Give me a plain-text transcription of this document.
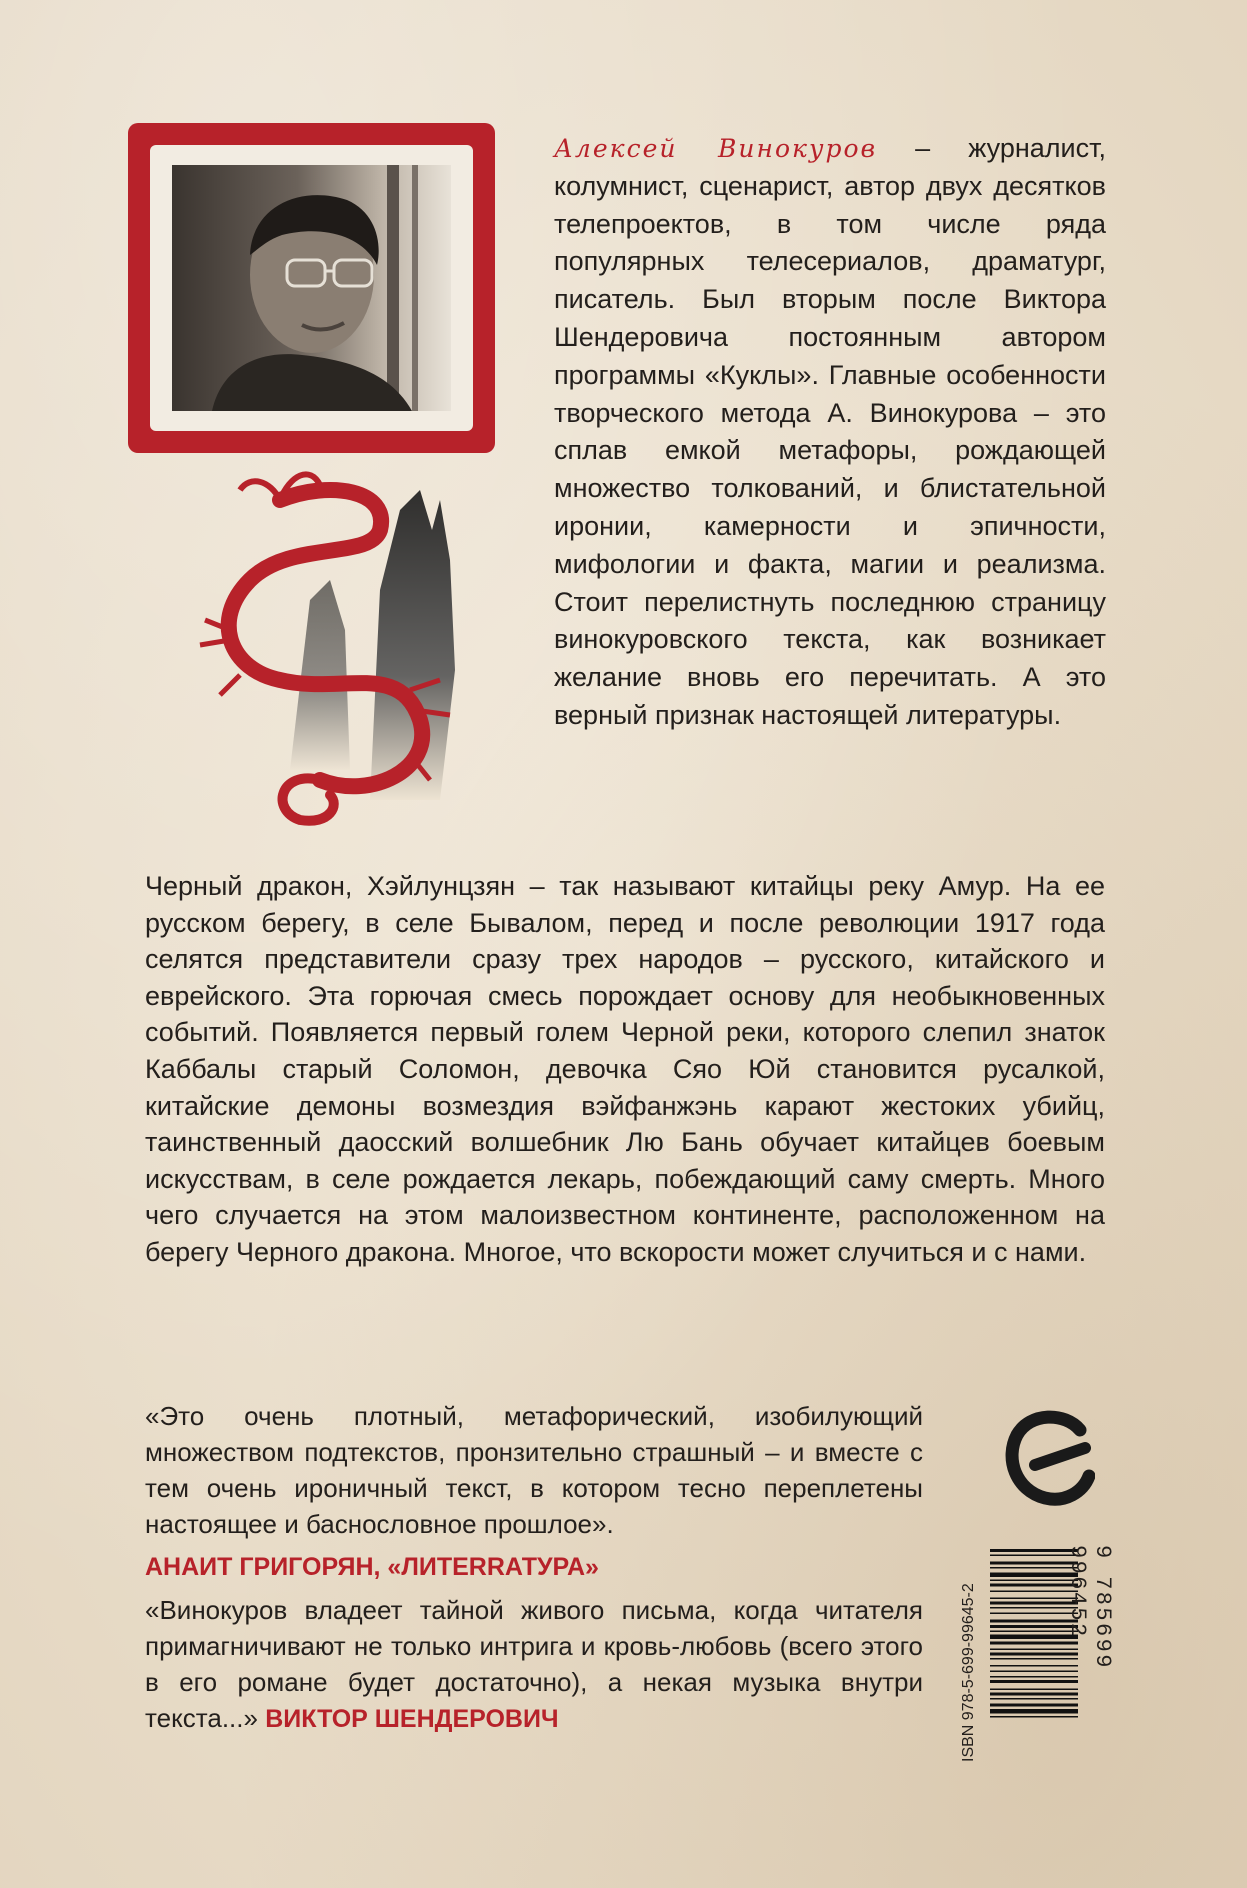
Алексей Винокуров – журналист, колумнист, сценарист, автор двух десятков телепроектов, в том числе ряда популярных телесериалов, драматург, писатель. Был вторым после Виктора Шендеровича постоянным автором программы «Куклы». Главные особенности творческого метода А. Винокурова – это сплав емкой метафоры, рождающей множество толкований, и блистательной иронии, камерности и эпичности, мифологии и факта, магии и реализма. Стоит перелистнуть последнюю страницу винокуровского текста, как возникает желание вновь его перечитать. А это верный признак настоящей литературы.
Черный дракон, Хэйлунцзян – так называют китайцы реку Амур. На ее русском берегу, в селе Бывалом, перед и после революции 1917 года селятся представители сразу трех народов – русского, китайского и еврейского. Эта горючая смесь порождает основу для необыкновенных событий. Появляется первый голем Черной реки, которого слепил знаток Каббалы старый Соломон, девочка Сяо Юй становится русалкой, китайские демоны возмездия вэйфанжэнь карают жестоких убийц, таинственный даосский волшебник Лю Бань обучает китайцев боевым искусствам, в селе рождается лекарь, побеждающий саму смерть. Много чего случается на этом малоизвестном континенте, расположенном на берегу Черного дракона. Многое, что вскорости может случиться и с нами.
«Это очень плотный, метафорический, изобилующий множеством подтекстов, пронзительно страшный – и вместе с тем очень ироничный текст, в котором тесно переплетены настоящее и баснословное прошлое».
АНАИТ ГРИГОРЯН, «ЛИТЕRRАТУРА»
«Винокуров владеет тайной живого письма, когда читателя примагничивают не только интрига и кровь-любовь (всего этого в его романе будет достаточно), а некая музыка внутри текста...» ВИКТОР ШЕНДЕРОВИЧ	ISBN 978-5-699-99645-2	9 785699 996452
